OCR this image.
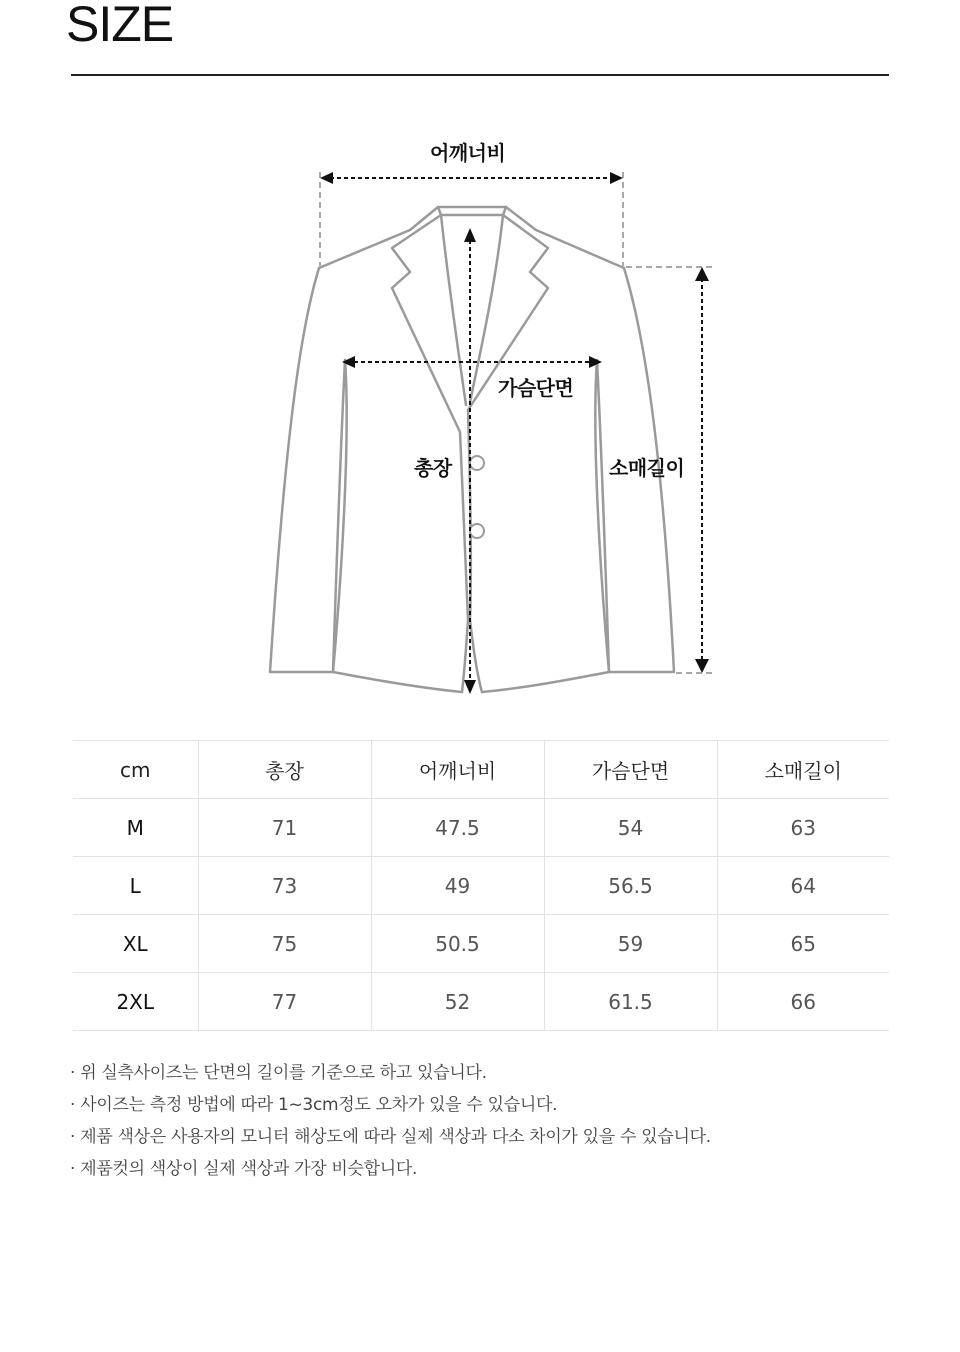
SIZE
어깨너비
가슴단면
총장	소매길이
cm	총장	어깨너비	가슴단면	소매길이
M	71	47.5	54	63
L	73	49	56.5	64
XL	75	50.5	59	65
2XL	77	52	61.5	66
· 위 실측사이즈는 단면의 길이를 기준으로 하고 있습니다.
· 사이즈는 측정 방법에 따라 1~3cm정도 오차가 있을 수 있습니다.
· 제품 색상은 사용자의 모니터 해상도에 따라 실제 색상과 다소 차이가 있을 수 있습니다.
· 제품컷의 색상이 실제 색상과 가장 비슷합니다.
